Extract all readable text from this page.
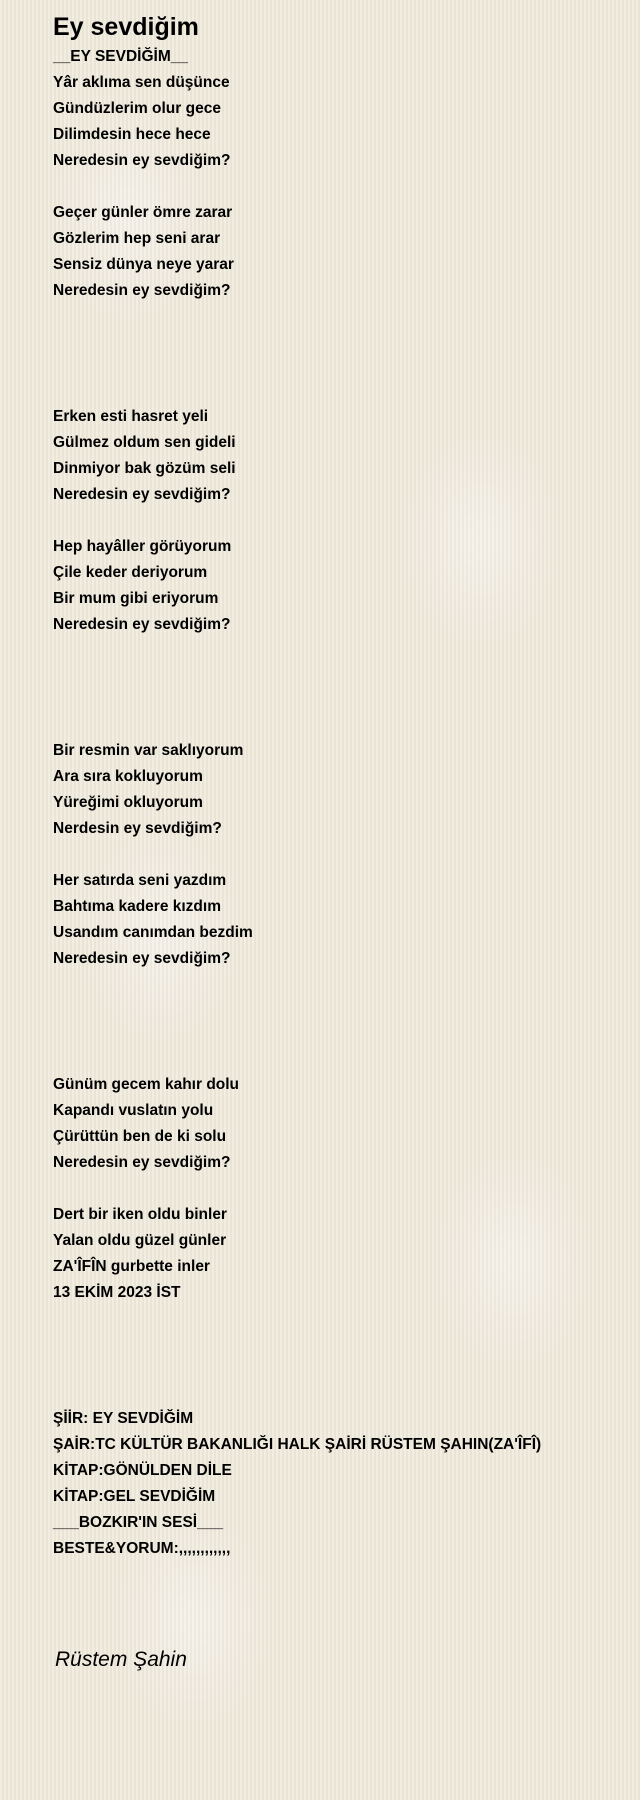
Ey sevdiğim
__EY SEVDİĞİM__
Yâr aklıma sen düşünce
Gündüzlerim olur gece
Dilimdesin hece hece
Neredesin ey sevdiğim?
Geçer günler ömre zarar
Gözlerim hep seni arar
Sensiz dünya neye yarar
Neredesin ey sevdiğim?
Erken esti hasret yeli
Gülmez oldum sen gideli
Dinmiyor bak gözüm seli
Neredesin ey sevdiğim?
Hep hayâller görüyorum
Çile keder deriyorum
Bir mum gibi eriyorum
Neredesin ey sevdiğim?
Bir resmin var saklıyorum
Ara sıra kokluyorum
Yüreğimi okluyorum
Nerdesin ey sevdiğim?
Her satırda seni yazdım
Bahtıma kadere kızdım
Usandım canımdan bezdim
Neredesin ey sevdiğim?
Günüm gecem kahır dolu
Kapandı vuslatın yolu
Çürüttün ben de ki solu
Neredesin ey sevdiğim?
Dert bir iken oldu binler
Yalan oldu güzel günler
ZA'ÎFÎN gurbette inler
13 EKİM 2023 İST
ŞİİR: EY SEVDİĞİM
ŞAİR:TC KÜLTÜR BAKANLIĞI HALK ŞAİRİ RÜSTEM ŞAHIN(ZA'ÎFÎ)
KİTAP:GÖNÜLDEN DİLE
KİTAP:GEL SEVDİĞİM
___BOZKIR'IN SESİ___
BESTE&YORUM:,,,,,,,,,,,,
Rüstem Şahin
